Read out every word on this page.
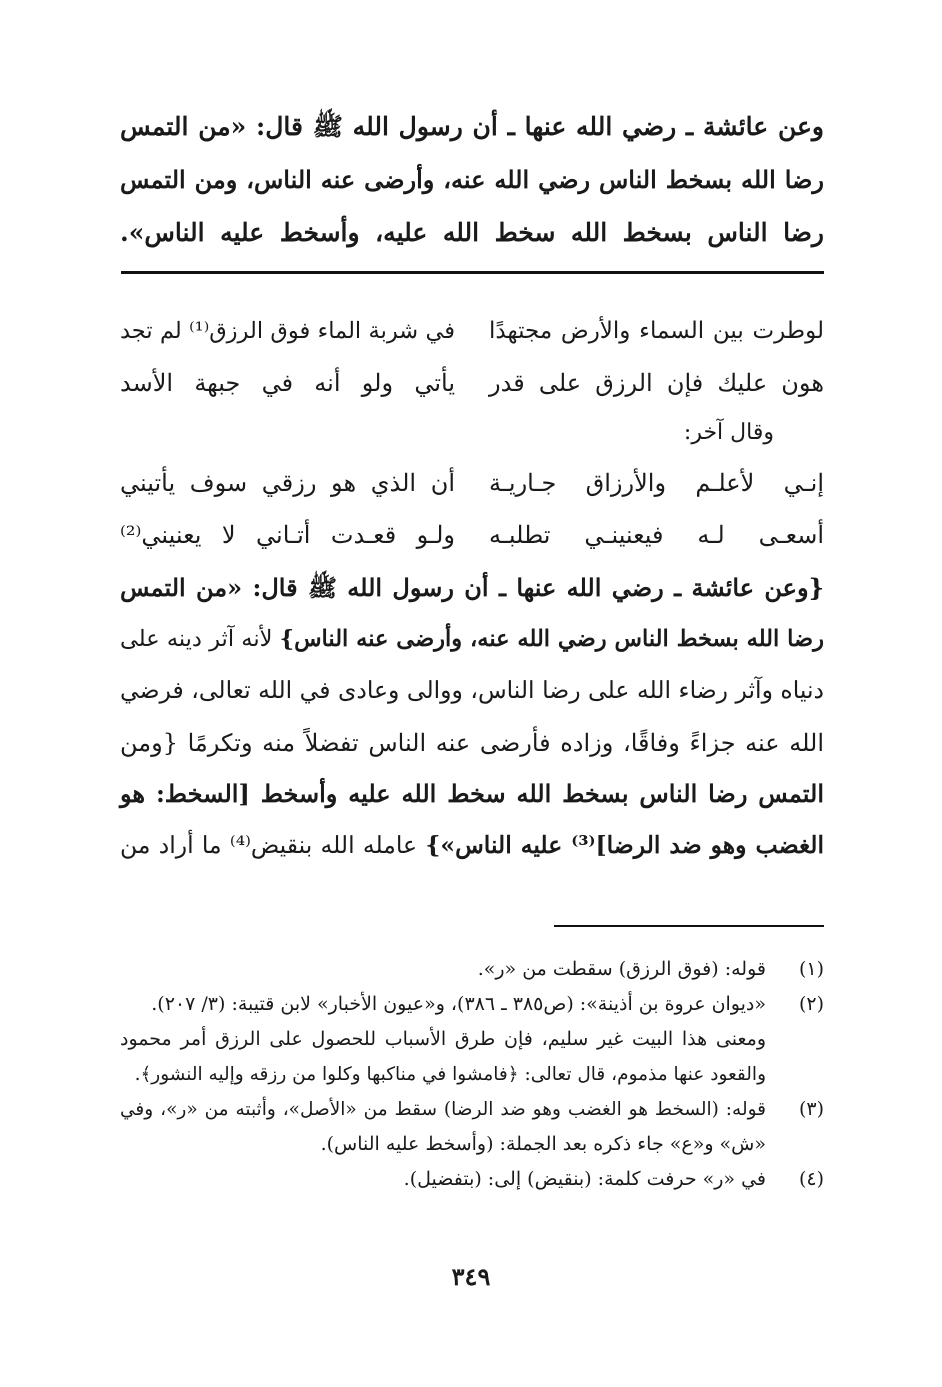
وعن عائشة ـ رضي الله عنها ـ أن رسول الله ﷺ قال: «من التمس
رضا الله بسخط الناس رضي الله عنه، وأرضى عنه الناس، ومن التمس
رضا الناس بسخط الله سخط الله عليه، وأسخط عليه الناس».
لوطرت بين السماء والأرض مجتهدًا
في شربة الماء فوق الرزق⁽¹⁾ لم تجد
هون عليك فإن الرزق على قدر
يأتي ولو أنه في جبهة الأسد
وقال آخر:
إنـي لأعلـم والأرزاق جـاريـة
أن الذي هو رزقي سوف يأتيني
أسعـى لـه فيعنينـي تطلبـه
ولـو قعـدت أتـاني لا يعنيني⁽²⁾
{وعن عائشة ـ رضي الله عنها ـ أن رسول الله ﷺ قال: «من التمس
رضا الله بسخط الناس رضي الله عنه، وأرضى عنه الناس} لأنه آثر دينه على
دنياه وآثر رضاء الله على رضا الناس، ووالى وعادى في الله تعالى، فرضي
الله عنه جزاءً وفاقًا، وزاده فأرضى عنه الناس تفضلاً منه وتكرمًا {ومن
التمس رضا الناس بسخط الله سخط الله عليه وأسخط [السخط: هو
الغضب وهو ضد الرضا]⁽³⁾ عليه الناس»} عامله الله بنقيض⁽⁴⁾ ما أراد من
(١)
قوله: (فوق الرزق) سقطت من «ر».
(٢)
«ديوان عروة بن أذينة»: (ص٣٨٥ ـ ٣٨٦)، و«عيون الأخبار» لابن قتيبة: (٣/ ٢٠٧).
ومعنى هذا البيت غير سليم، فإن طرق الأسباب للحصول على الرزق أمر محمود
والقعود عنها مذموم، قال تعالى: ﴿فامشوا في مناكبها وكلوا من رزقه وإليه النشور﴾.
(٣)
قوله: (السخط هو الغضب وهو ضد الرضا) سقط من «الأصل»، وأثبته من «ر»، وفي
«ش» و«ع» جاء ذكره بعد الجملة: (وأسخط عليه الناس).
(٤)
في «ر» حرفت كلمة: (بنقيض) إلى: (بتفضيل).
٣٤٩
